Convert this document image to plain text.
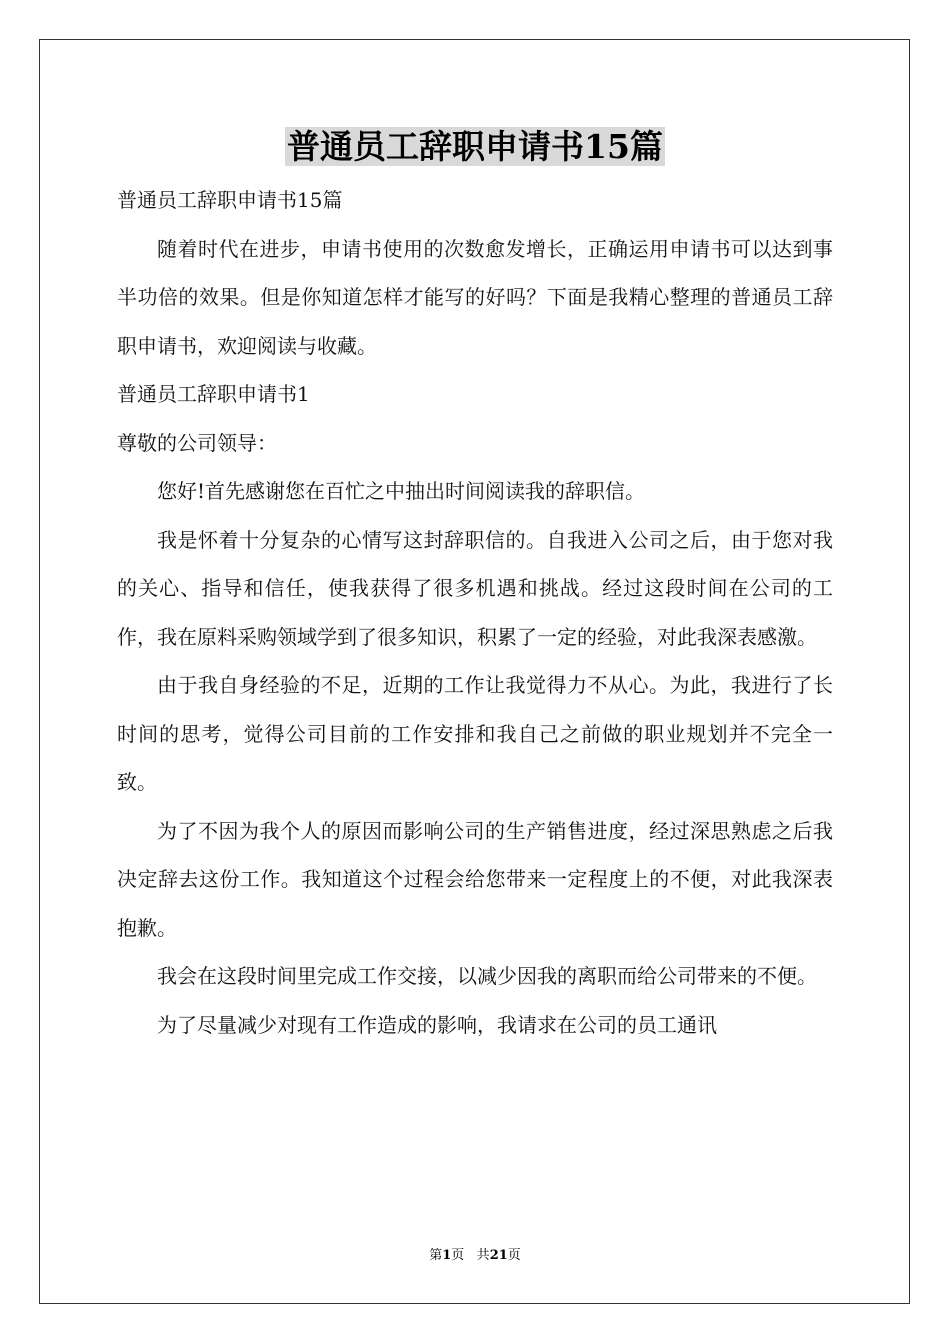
普通员工辞职申请书15篇

普通员工辞职申请书15篇

随着时代在进步，申请书使用的次数愈发增长，正确运用申请书可以达到事半功倍的效果。但是你知道怎样才能写的好吗？下面是我精心整理的普通员工辞职申请书，欢迎阅读与收藏。

普通员工辞职申请书1

尊敬的公司领导：

您好!首先感谢您在百忙之中抽出时间阅读我的辞职信。

我是怀着十分复杂的心情写这封辞职信的。自我进入公司之后，由于您对我的关心、指导和信任，使我获得了很多机遇和挑战。经过这段时间在公司的工作，我在原料采购领域学到了很多知识，积累了一定的经验，对此我深表感激。

由于我自身经验的不足，近期的工作让我觉得力不从心。为此，我进行了长时间的思考，觉得公司目前的工作安排和我自己之前做的职业规划并不完全一致。

为了不因为我个人的原因而影响公司的生产销售进度，经过深思熟虑之后我决定辞去这份工作。我知道这个过程会给您带来一定程度上的不便，对此我深表抱歉。

我会在这段时间里完成工作交接，以减少因我的离职而给公司带来的不便。

为了尽量减少对现有工作造成的影响，我请求在公司的员工通讯

第1页 共21页
